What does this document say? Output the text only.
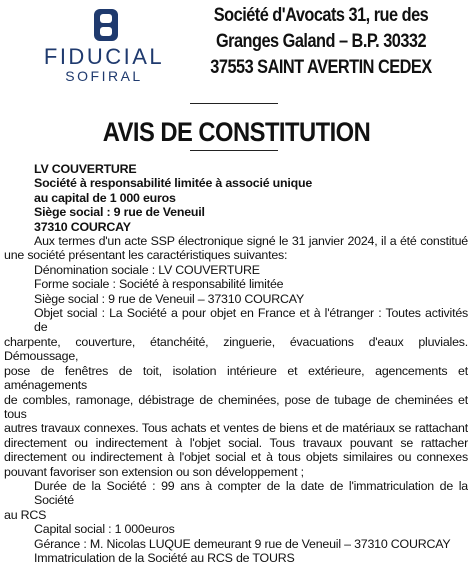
FIDUCIAL
SOFIRAL
Société d'Avocats 31, rue des
Granges Galand – B.P. 30332
37553 SAINT AVERTIN CEDEX
AVIS DE CONSTITUTION
LV COUVERTURE
Société à responsabilité limitée à associé unique
au capital de 1 000 euros
Siège social : 9 rue de Veneuil
37310 COURCAY
Aux termes d'un acte SSP électronique signé le 31 janvier 2024, il a été constitué
une société présentant les caractéristiques suivantes:
Dénomination sociale : LV COUVERTURE
Forme sociale : Société à responsabilité limitée
Siège social : 9 rue de Veneuil – 37310 COURCAY
Objet social : La Société a pour objet en France et à l'étranger : Toutes activités de
charpente, couverture, étanchéité, zinguerie, évacuations d'eaux pluviales. Démoussage,
pose de fenêtres de toit, isolation intérieure et extérieure, agencements et aménagements
de combles, ramonage, débistrage de cheminées, pose de tubage de cheminées et tous
autres travaux connexes. Tous achats et ventes de biens et de matériaux se rattachant
directement ou indirectement à l'objet social. Tous travaux pouvant se rattacher
directement ou indirectement à l'objet social et à tous objets similaires ou connexes
pouvant favoriser son extension ou son développement ;
Durée de la Société : 99 ans à compter de la date de l'immatriculation de la Société
au RCS
Capital social : 1 000euros
Gérance : M. Nicolas LUQUE demeurant 9 rue de Veneuil – 37310 COURCAY
Immatriculation de la Société au RCS de TOURS
